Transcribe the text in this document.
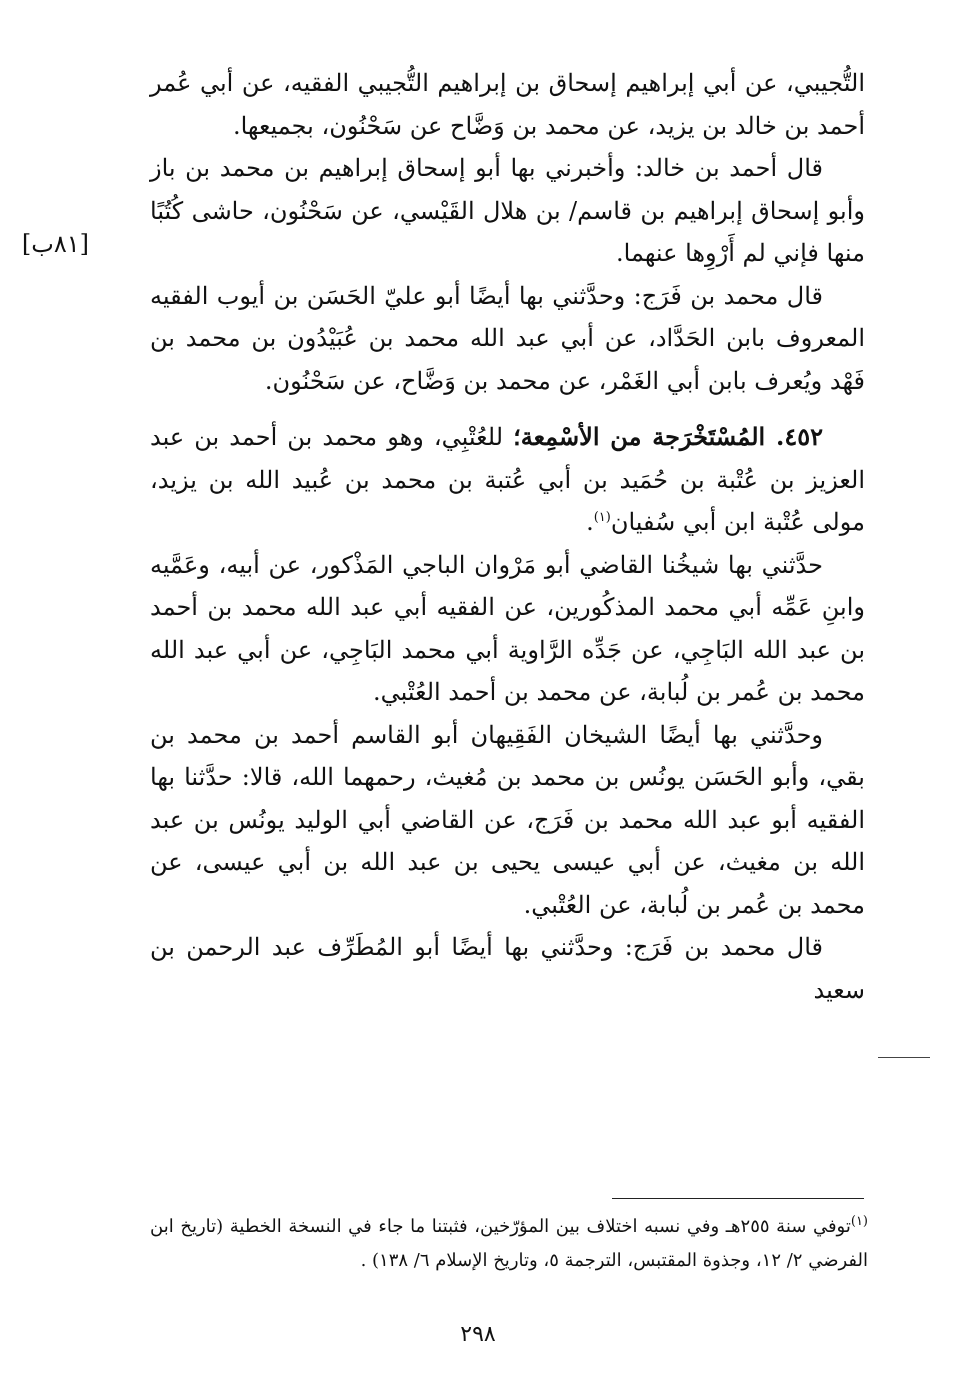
[٨١ب]

التُّجيبي، عن أبي إبراهيم إسحاق بن إبراهيم التُّجيبي الفقيه، عن أبي عُمر أحمد بن خالد بن يزيد، عن محمد بن وَضَّاح عن سَحْنُون، بجميعها.

قال أحمد بن خالد: وأخبرني بها أبو إسحاق إبراهيم بن محمد بن باز وأبو إسحاق إبراهيم بن قاسم/ بن هلال القَيْسي، عن سَحْنُون، حاشى كُتُبًا منها فإني لم أَرْوِها عنهما.

قال محمد بن فَرَج: وحدَّثني بها أيضًا أبو عليّ الحَسَن بن أيوب الفقيه المعروف بابن الحَدَّاد، عن أبي عبد الله محمد بن عُبَيْدُون بن محمد بن فَهْد ويُعرف بابن أبي الغَمْر، عن محمد بن وَضَّاح، عن سَحْنُون.

٤٥٢. المُسْتَخْرَجة من الأسْمِعة؛ للعُتْبِي، وهو محمد بن أحمد بن عبد العزيز بن عُتْبة بن حُمَيد بن أبي عُتبة بن محمد بن عُبيد الله بن يزيد، مولى عُتْبة ابن أبي سُفيان$^{(١)}$.

حدَّثني بها شيخُنا القاضي أبو مَرْوان الباجي المَذْكور، عن أبيه، وعَمَّيه وابنِ عَمِّه أبي محمد المذكُورين، عن الفقيه أبي عبد الله محمد بن أحمد بن عبد الله البَاجِي، عن جَدِّه الرَّاوية أبي محمد البَاجِي، عن أبي عبد الله محمد بن عُمر بن لُبابة، عن محمد بن أحمد العُتْبي.

وحدَّثني بها أيضًا الشيخان الفَقِيهان أبو القاسم أحمد بن محمد بن بقي، وأبو الحَسَن يونُس بن محمد بن مُغيث، رحمهما الله، قالا: حدَّثنا بها الفقيه أبو عبد الله محمد بن فَرَج، عن القاضي أبي الوليد يونُس بن عبد الله بن مغيث، عن أبي عيسى يحيى بن عبد الله بن أبي عيسى، عن محمد بن عُمر بن لُبابة، عن العُتْبي.

قال محمد بن فَرَج: وحدَّثني بها أيضًا أبو المُطَرِّف عبد الرحمن بن سعيد

$^{(١)}$توفي سنة ٢٥٥هـ وفي نسبه اختلاف بين المؤرّخين، فثبتنا ما جاء في النسخة الخطية (تاريخ ابن الفرضي ٢/ ١٢، وجذوة المقتبس، الترجمة ٥، وتاريخ الإسلام ٦/ ١٣٨) .

٢٩٨
